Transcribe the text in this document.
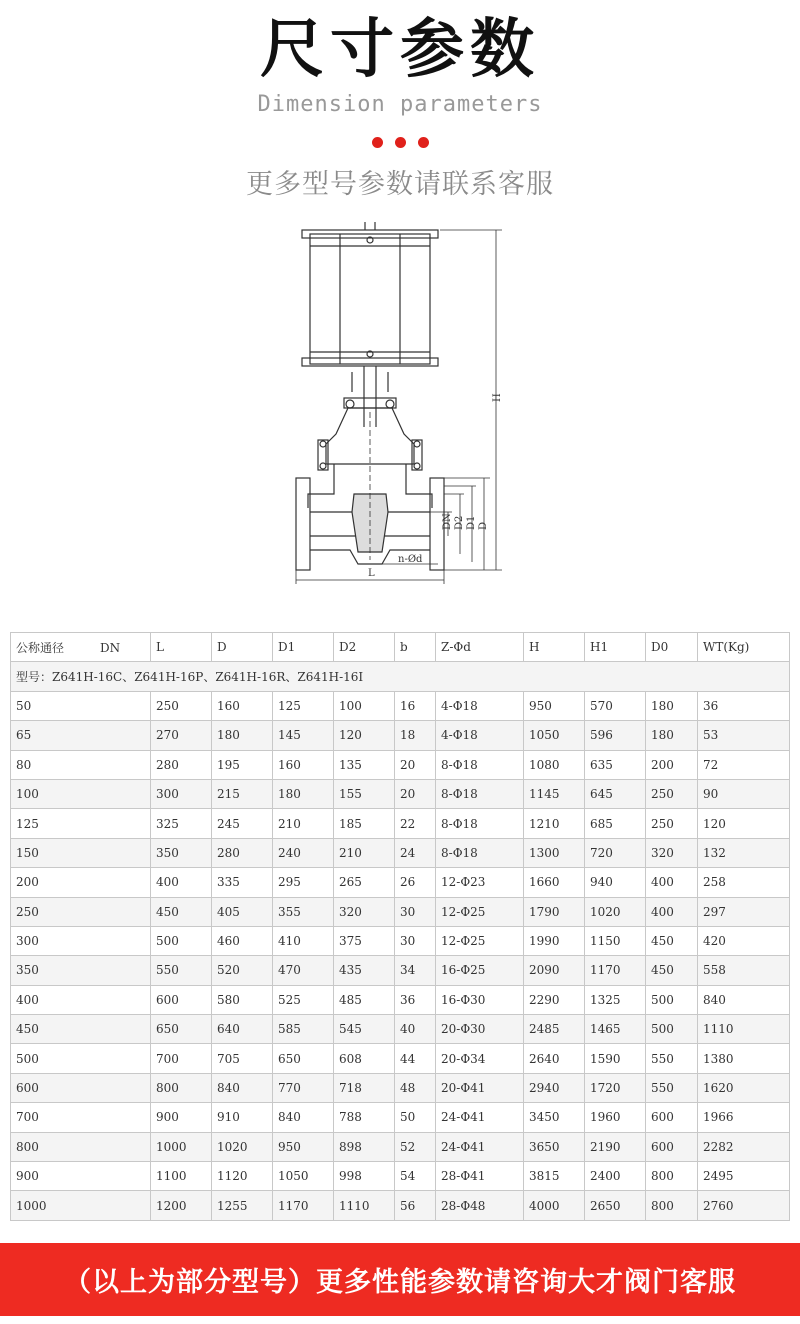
尺寸参数
Dimension parameters
更多型号参数请联系客服
H
L
DN D2 D1 D
n-Ød
公称通径　　　DN	L	D	D1	D2	b	Z-Φd	H	H1	D0	WT(Kg)
型号：Z641H-16C、Z641H-16P、Z641H-16R、Z641H-16I										
50	250	160	125	100	16	4-Φ18	950	570	180	36
65	270	180	145	120	18	4-Φ18	1050	596	180	53
80	280	195	160	135	20	8-Φ18	1080	635	200	72
100	300	215	180	155	20	8-Φ18	1145	645	250	90
125	325	245	210	185	22	8-Φ18	1210	685	250	120
150	350	280	240	210	24	8-Φ18	1300	720	320	132
200	400	335	295	265	26	12-Φ23	1660	940	400	258
250	450	405	355	320	30	12-Φ25	1790	1020	400	297
300	500	460	410	375	30	12-Φ25	1990	1150	450	420
350	550	520	470	435	34	16-Φ25	2090	1170	450	558
400	600	580	525	485	36	16-Φ30	2290	1325	500	840
450	650	640	585	545	40	20-Φ30	2485	1465	500	1110
500	700	705	650	608	44	20-Φ34	2640	1590	550	1380
600	800	840	770	718	48	20-Φ41	2940	1720	550	1620
700	900	910	840	788	50	24-Φ41	3450	1960	600	1966
800	1000	1020	950	898	52	24-Φ41	3650	2190	600	2282
900	1100	1120	1050	998	54	28-Φ41	3815	2400	800	2495
1000	1200	1255	1170	1110	56	28-Φ48	4000	2650	800	2760
（以上为部分型号）更多性能参数请咨询大才阀门客服
